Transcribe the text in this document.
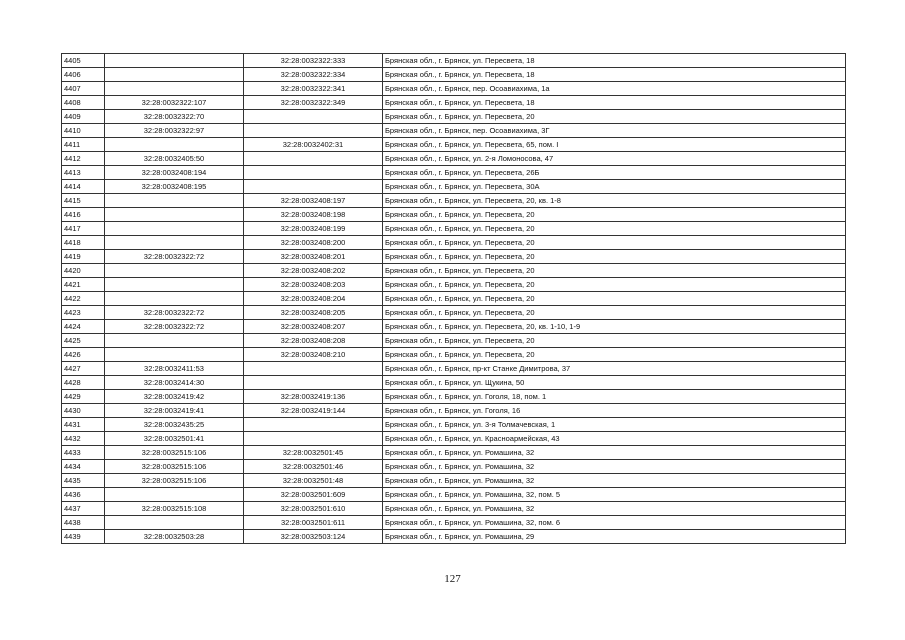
4405		32:28:0032322:333	Брянская обл., г. Брянск, ул. Пересвета, 18
4406		32:28:0032322:334	Брянская обл., г. Брянск, ул. Пересвета, 18
4407		32:28:0032322:341	Брянская обл., г. Брянск, пер. Осоавиахима, 1а
4408	32:28:0032322:107	32:28:0032322:349	Брянская обл., г. Брянск, ул. Пересвета, 18
4409	32:28:0032322:70		Брянская обл., г. Брянск, ул. Пересвета, 20
4410	32:28:0032322:97		Брянская обл., г. Брянск, пер. Осоавиахима, 3Г
4411		32:28:0032402:31	Брянская обл., г. Брянск, ул. Пересвета, 65, пом. I
4412	32:28:0032405:50		Брянская обл., г. Брянск, ул. 2-я Ломоносова, 47
4413	32:28:0032408:194		Брянская обл., г. Брянск, ул. Пересвета, 26Б
4414	32:28:0032408:195		Брянская обл., г. Брянск, ул. Пересвета, 30А
4415		32:28:0032408:197	Брянская обл., г. Брянск, ул. Пересвета, 20, кв. 1-8
4416		32:28:0032408:198	Брянская обл., г. Брянск, ул. Пересвета, 20
4417		32:28:0032408:199	Брянская обл., г. Брянск, ул. Пересвета, 20
4418		32:28:0032408:200	Брянская обл., г. Брянск, ул. Пересвета, 20
4419	32:28:0032322:72	32:28:0032408:201	Брянская обл., г. Брянск, ул. Пересвета, 20
4420		32:28:0032408:202	Брянская обл., г. Брянск, ул. Пересвета, 20
4421		32:28:0032408:203	Брянская обл., г. Брянск, ул. Пересвета, 20
4422		32:28:0032408:204	Брянская обл., г. Брянск, ул. Пересвета, 20
4423	32:28:0032322:72	32:28:0032408:205	Брянская обл., г. Брянск, ул. Пересвета, 20
4424	32:28:0032322:72	32:28:0032408:207	Брянская обл., г. Брянск, ул. Пересвета, 20, кв. 1-10, 1-9
4425		32:28:0032408:208	Брянская обл., г. Брянск, ул. Пересвета, 20
4426		32:28:0032408:210	Брянская обл., г. Брянск, ул. Пересвета, 20
4427	32:28:0032411:53		Брянская обл., г. Брянск, пр-кт Станке Димитрова, 37
4428	32:28:0032414:30		Брянская обл., г. Брянск, ул. Щукина, 50
4429	32:28:0032419:42	32:28:0032419:136	Брянская обл., г. Брянск, ул. Гоголя, 18, пом. 1
4430	32:28:0032419:41	32:28:0032419:144	Брянская обл., г. Брянск, ул. Гоголя, 16
4431	32:28:0032435:25		Брянская обл., г. Брянск, ул. 3-я Толмачевская, 1
4432	32:28:0032501:41		Брянская обл., г. Брянск, ул. Красноармейская, 43
4433	32:28:0032515:106	32:28:0032501:45	Брянская обл., г. Брянск, ул. Ромашина, 32
4434	32:28:0032515:106	32:28:0032501:46	Брянская обл., г. Брянск, ул. Ромашина, 32
4435	32:28:0032515:106	32:28:0032501:48	Брянская обл., г. Брянск, ул. Ромашина, 32
4436		32:28:0032501:609	Брянская обл., г. Брянск, ул. Ромашина, 32, пом. 5
4437	32:28:0032515:108	32:28:0032501:610	Брянская обл., г. Брянск, ул. Ромашина, 32
4438		32:28:0032501:611	Брянская обл., г. Брянск, ул. Ромашина, 32, пом. 6
4439	32:28:0032503:28	32:28:0032503:124	Брянская обл., г. Брянск, ул. Ромашина, 29
127
